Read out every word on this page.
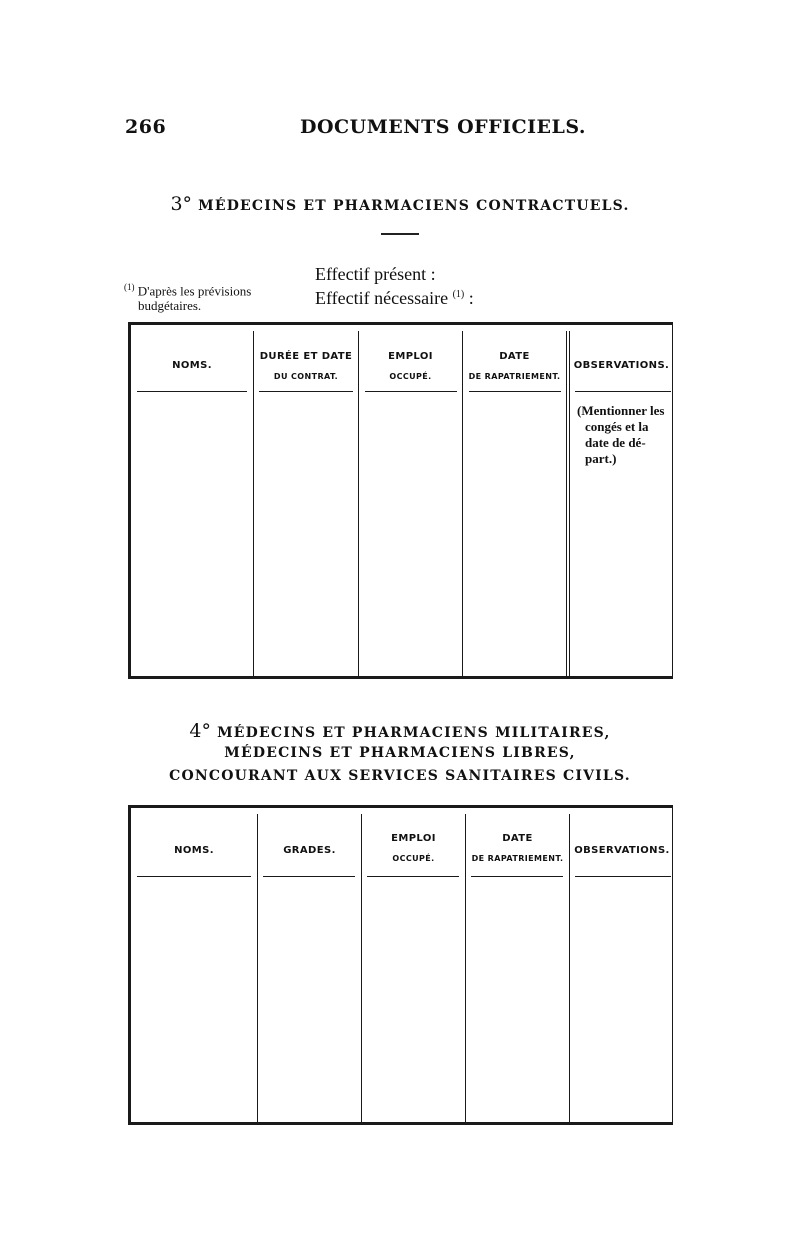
266	DOCUMENTS OFFICIELS.
3° MÉDECINS ET PHARMACIENS CONTRACTUELS.
$^{(1)}$ D'après les prévisions
budgétaires.
Effectif présent :
Effectif nécessaire $^{(1)}$ :
NOMS.
DURÉE ET DATE
DU CONTRAT.
EMPLOI
OCCUPÉ.
DATE
DE RAPATRIEMENT.
OBSERVATIONS.
(Mentionner les
congés et la
date de dé-
part.)
4° MÉDECINS ET PHARMACIENS MILITAIRES,
MÉDECINS ET PHARMACIENS LIBRES,
CONCOURANT AUX SERVICES SANITAIRES CIVILS.
NOMS.	GRADES.
EMPLOI
OCCUPÉ.
DATE
DE RAPATRIEMENT.
OBSERVATIONS.
